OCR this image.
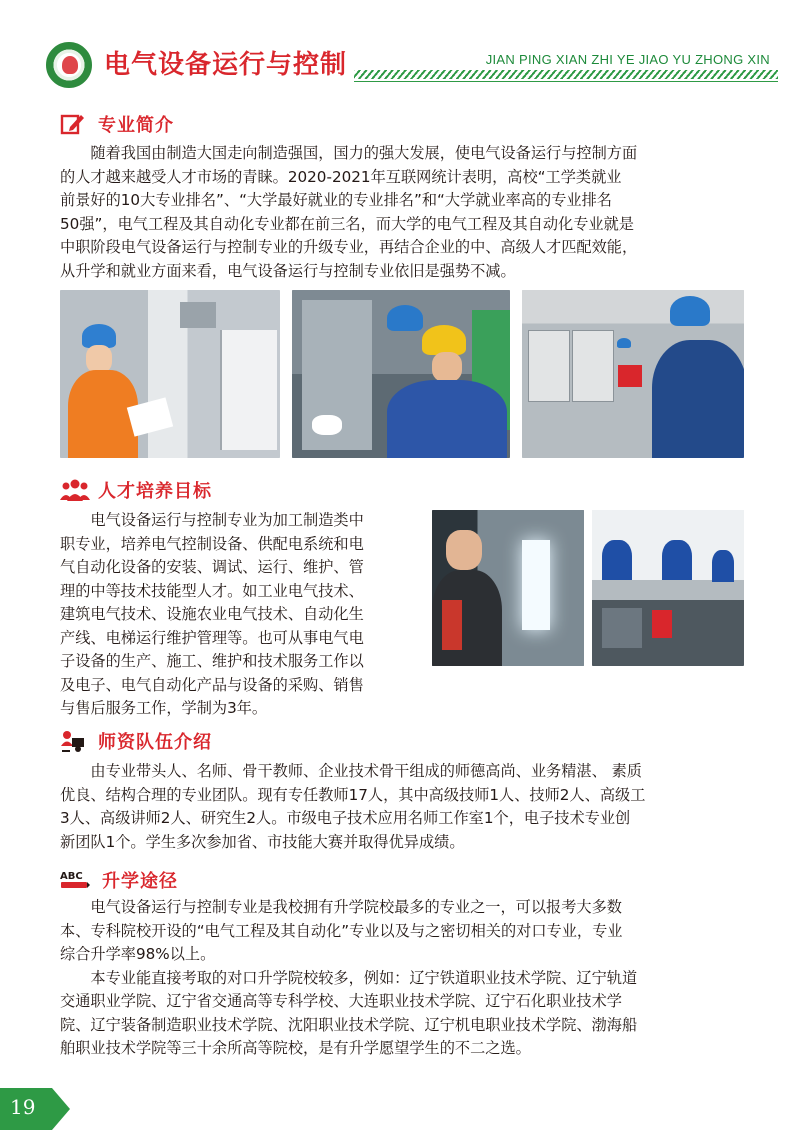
电气设备运行与控制	JIAN PING XIAN ZHI YE JIAO YU ZHONG XIN
专业简介
随着我国由制造大国走向制造强国，国力的强大发展，使电气设备运行与控制方面
的人才越来越受人才市场的青睐。2020-2021年互联网统计表明，高校“工学类就业
前景好的10大专业排名”、“大学最好就业的专业排名”和“大学就业率高的专业排名
50强”，电气工程及其自动化专业都在前三名，而大学的电气工程及其自动化专业就是
中职阶段电气设备运行与控制专业的升级专业，再结合企业的中、高级人才匹配效能，
从升学和就业方面来看，电气设备运行与控制专业依旧是强势不减。
人才培养目标
电气设备运行与控制专业为加工制造类中
职专业，培养电气控制设备、供配电系统和电
气自动化设备的安装、调试、运行、维护、管
理的中等技术技能型人才。如工业电气技术、
建筑电气技术、设施农业电气技术、自动化生
产线、电梯运行维护管理等。也可从事电气电
子设备的生产、施工、维护和技术服务工作以
及电子、电气自动化产品与设备的采购、销售
与售后服务工作，学制为3年。
师资队伍介绍
由专业带头人、名师、骨干教师、企业技术骨干组成的师德高尚、业务精湛、 素质
优良、结构合理的专业团队。现有专任教师17人，其中高级技师1人、技师2人、高级工
3人、高级讲师2人、研究生2人。市级电子技术应用名师工作室1个，电子技术专业创
新团队1个。学生多次参加省、市技能大赛并取得优异成绩。
ABC 升学途径
电气设备运行与控制专业是我校拥有升学院校最多的专业之一，可以报考大多数
本、专科院校开设的“电气工程及其自动化”专业以及与之密切相关的对口专业，专业
综合升学率98%以上。
本专业能直接考取的对口升学院校较多，例如：辽宁铁道职业技术学院、辽宁轨道
交通职业学院、辽宁省交通高等专科学校、大连职业技术学院、辽宁石化职业技术学
院、辽宁装备制造职业技术学院、沈阳职业技术学院、辽宁机电职业技术学院、渤海船
舶职业技术学院等三十余所高等院校，是有升学愿望学生的不二之选。
19
